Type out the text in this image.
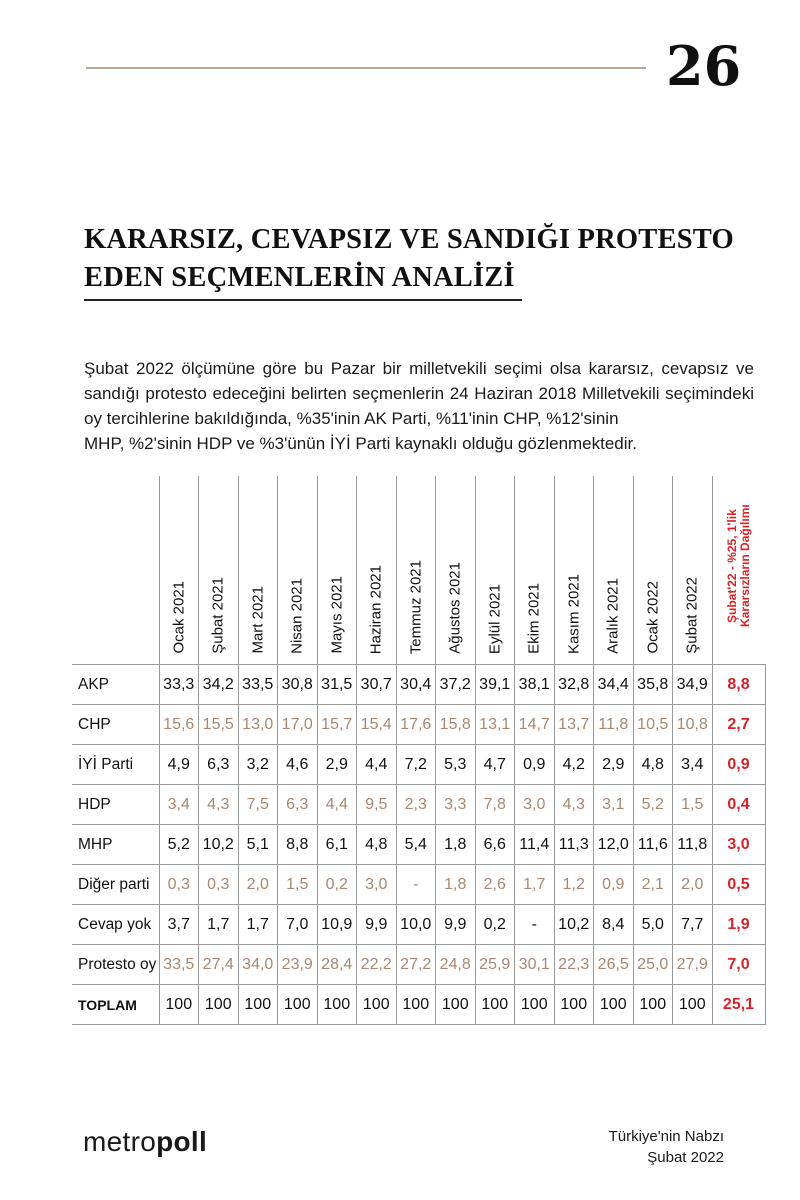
26
KARARSIZ, CEVAPSIZ VE SANDIĞI PROTESTO
EDEN SEÇMENLERİN ANALİZİ
Şubat 2022 ölçümüne göre bu Pazar bir milletvekili seçimi olsa kararsız, cevapsız ve sandığı protesto edeceğini belirten seçmenlerin 24 Haziran 2018 Milletvekili seçimindeki oy tercihlerine bakıldığında, %35'inin AK Parti, %11'inin CHP, %12'sinin
MHP, %2'sinin HDP ve %3'ünün İYİ Parti kaynaklı olduğu gözlenmektedir.

	Ocak 2021	Şubat 2021	Mart 2021	Nisan 2021	Mayıs 2021	Haziran 2021	Temmuz 2021	Ağustos 2021	Eylül 2021	Ekim 2021	Kasım 2021	Aralık 2021	Ocak 2022	Şubat 2022	Şubat'22 - %25, 1'lik Kararsızların Dağılımı

AKP	33,3	34,2	33,5	30,8	31,5	30,7	30,4	37,2	39,1	38,1	32,8	34,4	35,8	34,9	8,8
CHP	15,6	15,5	13,0	17,0	15,7	15,4	17,6	15,8	13,1	14,7	13,7	11,8	10,5	10,8	2,7
İYİ Parti	4,9	6,3	3,2	4,6	2,9	4,4	7,2	5,3	4,7	0,9	4,2	2,9	4,8	3,4	0,9
HDP	3,4	4,3	7,5	6,3	4,4	9,5	2,3	3,3	7,8	3,0	4,3	3,1	5,2	1,5	0,4
MHP	5,2	10,2	5,1	8,8	6,1	4,8	5,4	1,8	6,6	11,4	11,3	12,0	11,6	11,8	3,0
Diğer parti	0,3	0,3	2,0	1,5	0,2	3,0	-	1,8	2,6	1,7	1,2	0,9	2,1	2,0	0,5
Cevap yok	3,7	1,7	1,7	7,0	10,9	9,9	10,0	9,9	0,2	-	10,2	8,4	5,0	7,7	1,9
Protesto oy	33,5	27,4	34,0	23,9	28,4	22,2	27,2	24,8	25,9	30,1	22,3	26,5	25,0	27,9	7,0
TOPLAM	100	100	100	100	100	100	100	100	100	100	100	100	100	100	25,1
metropoll	Türkiye'nin Nabzı
Şubat 2022
